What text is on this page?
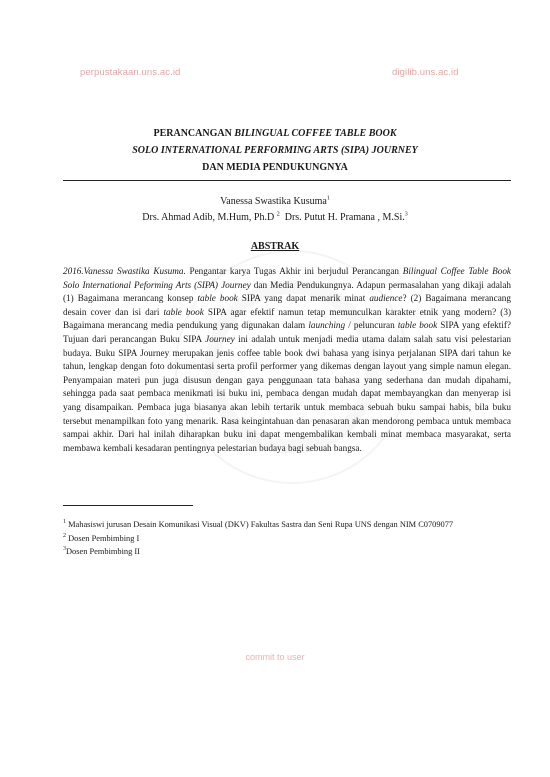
perpustakaan.uns.ac.id	digilib.uns.ac.id
PERANCANGAN BILINGUAL COFFEE TABLE BOOK
SOLO INTERNATIONAL PERFORMING ARTS (SIPA) JOURNEY
DAN MEDIA PENDUKUNGNYA
Vanessa Swastika Kusuma$^1$
Drs. Ahmad Adib, M.Hum, Ph.D $^2$ Drs. Putut H. Pramana , M.Si.$^3$
ABSTRAK
2016.Vanessa Swastika Kusuma. Pengantar karya Tugas Akhir ini berjudul Perancangan Bilingual Coffee Table Book Solo International Peforming Arts (SIPA) Journey dan Media Pendukungnya. Adapun permasalahan yang dikaji adalah (1) Bagaimana merancang konsep table book SIPA yang dapat menarik minat audience? (2) Bagaimana merancang desain cover dan isi dari table book SIPA agar efektif namun tetap memunculkan karakter etnik yang modern? (3) Bagaimana merancang media pendukung yang digunakan dalam launching / peluncuran table book SIPA yang efektif? Tujuan dari perancangan Buku SIPA Journey ini adalah untuk menjadi media utama dalam salah satu visi pelestarian budaya. Buku SIPA Journey merupakan jenis coffee table book dwi bahasa yang isinya perjalanan SIPA dari tahun ke tahun, lengkap dengan foto dokumentasi serta profil performer yang dikemas dengan layout yang simple namun elegan. Penyampaian materi pun juga disusun dengan gaya penggunaan tata bahasa yang sederhana dan mudah dipahami, sehingga pada saat pembaca menikmati isi buku ini, pembaca dengan mudah dapat membayangkan dan menyerap isi yang disampaikan. Pembaca juga biasanya akan lebih tertarik untuk membaca sebuah buku sampai habis, bila buku tersebut menampilkan foto yang menarik. Rasa keingintahuan dan penasaran akan mendorong pembaca untuk membaca sampai akhir. Dari hal inilah diharapkan buku ini dapat mengembalikan kembali minat membaca masyarakat, serta membawa kembali kesadaran pentingnya pelestarian budaya bagi sebuah bangsa.
$^1$ Mahasiswi jurusan Desain Komunikasi Visual (DKV) Fakultas Sastra dan Seni Rupa UNS dengan NIM C0709077
$^2$ Dosen Pembimbing I
$^3$Dosen Pembimbing II
commit to user
